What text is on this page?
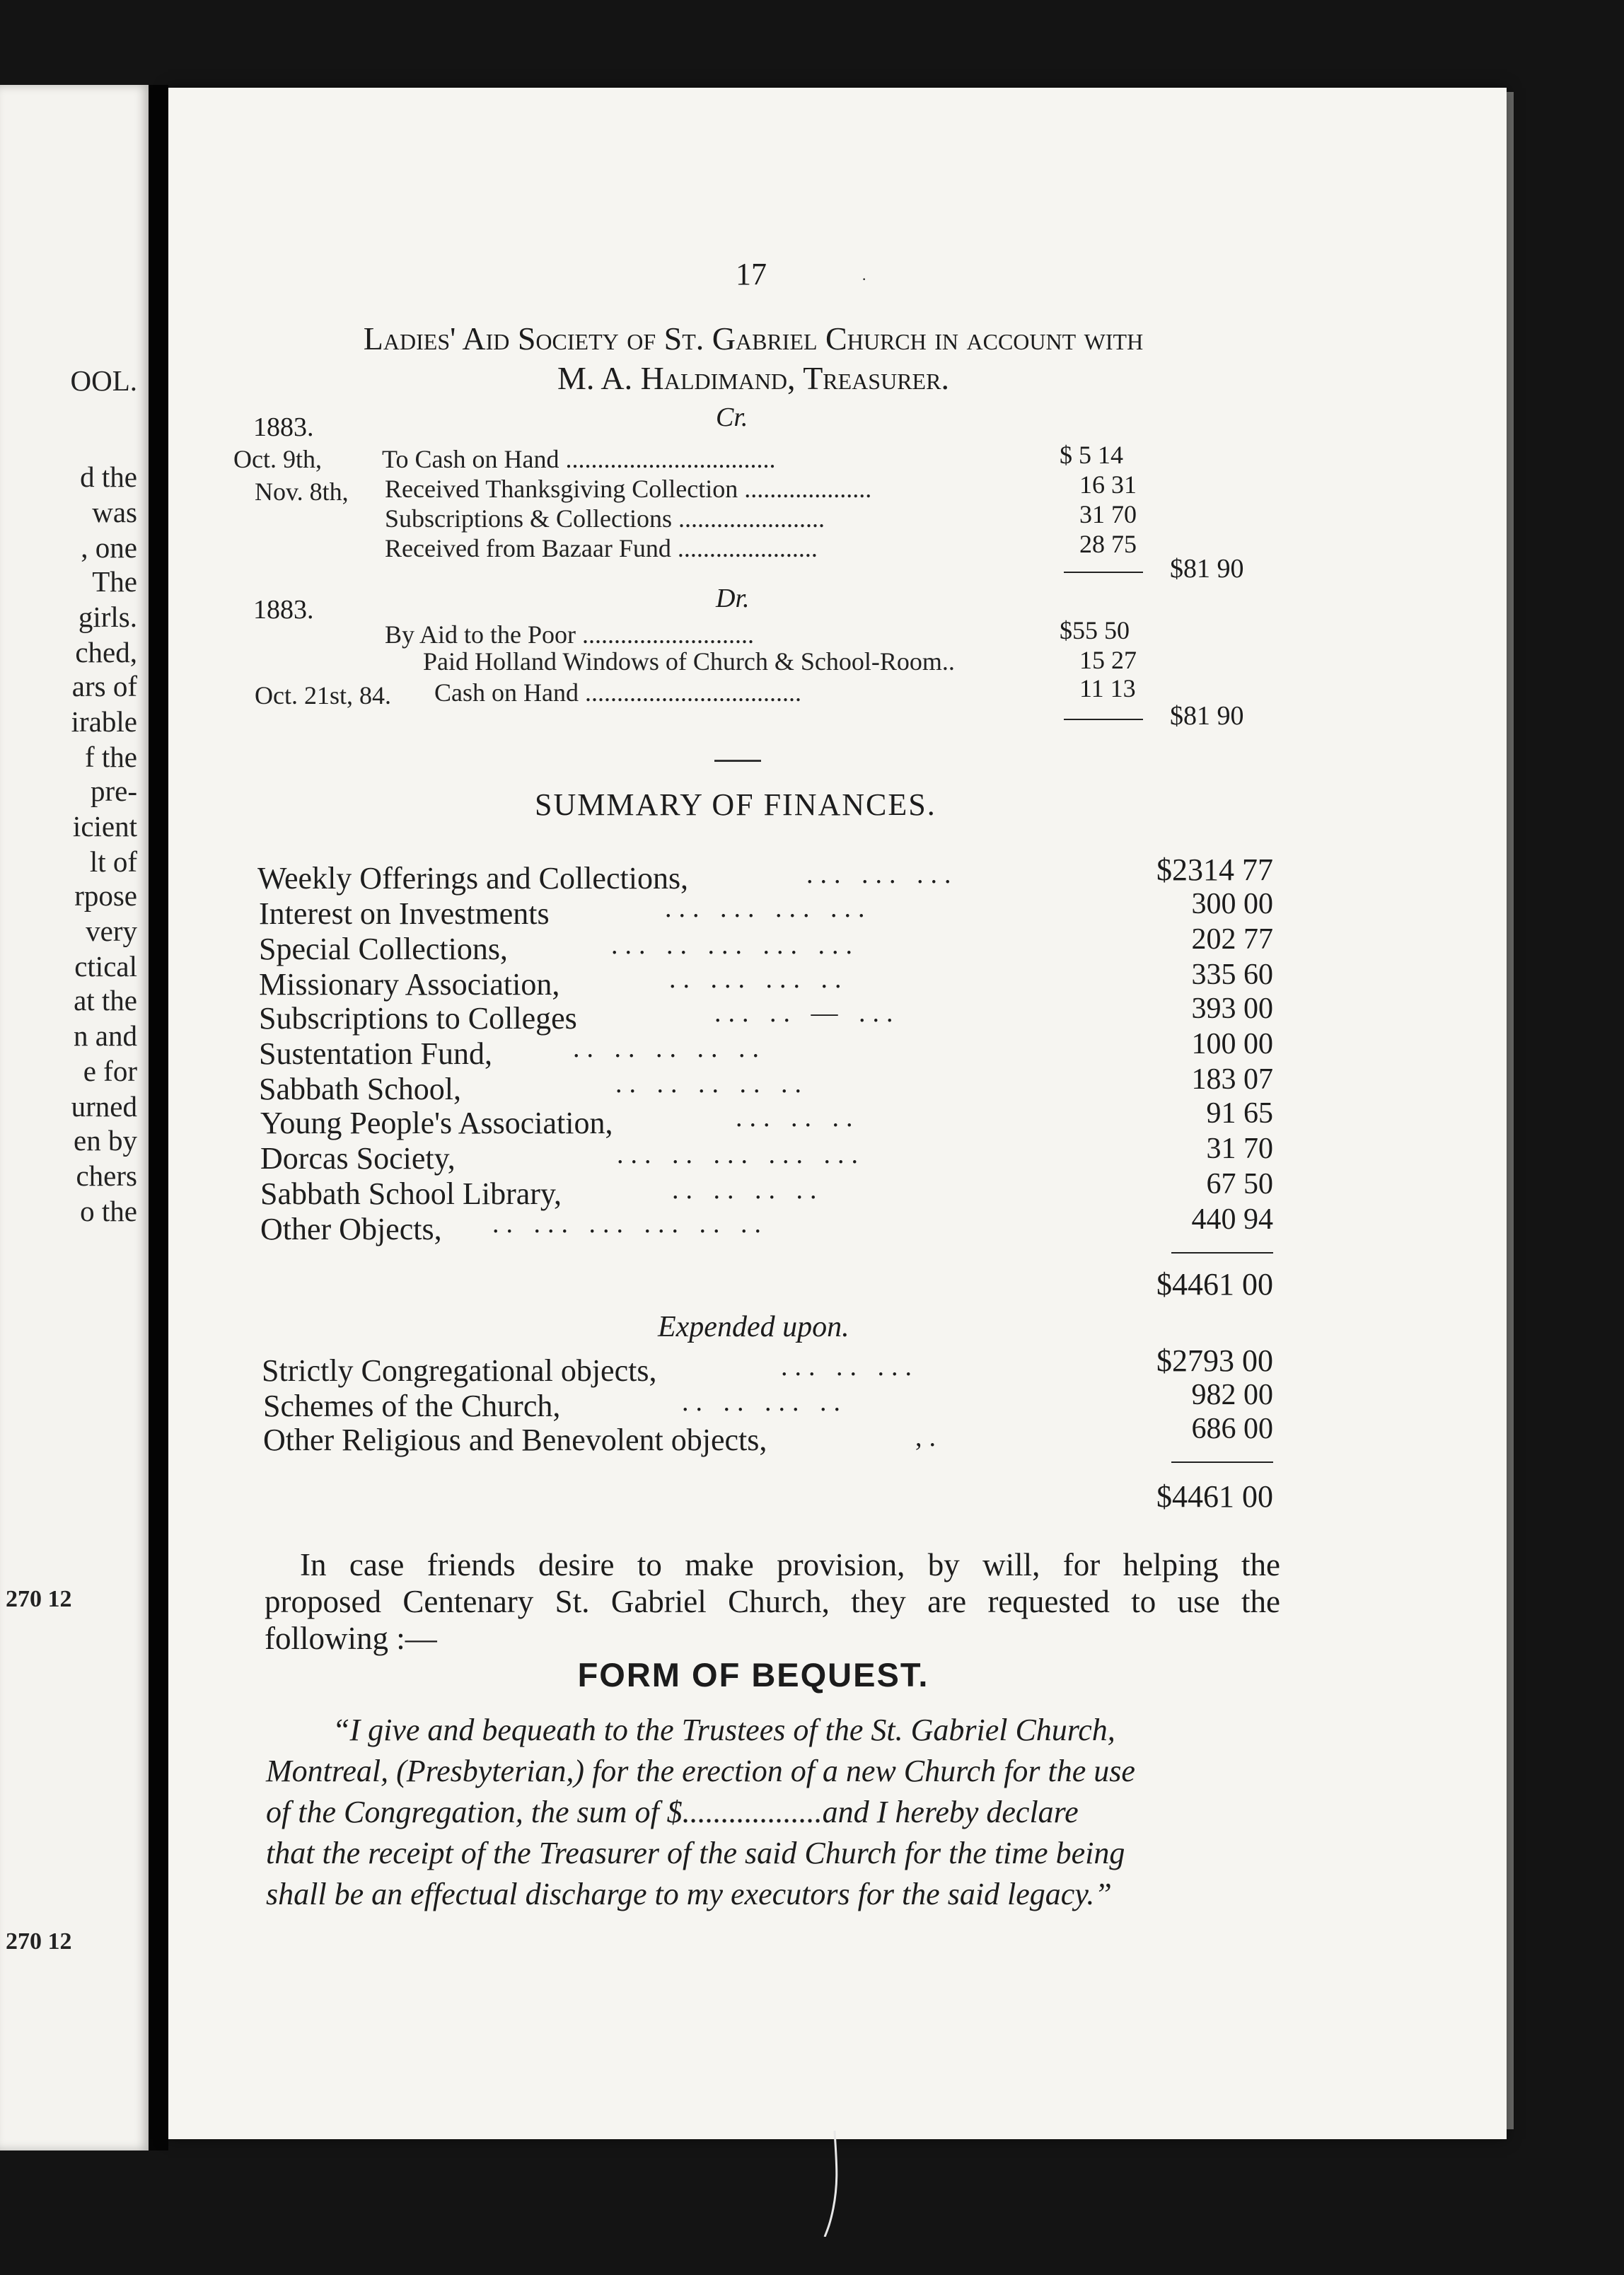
OOL.
d the
was
, one
The
girls.
ched,
ars of
irable
f the
pre-
icient
lt of
rpose
very
ctical
at the
n and
e for
urned
en by
chers
o the
270 12
270 12
17	·
Ladies' Aid Society of St. Gabriel Church in account with
M. A. Haldimand, Treasurer.
Cr.
1883.
Oct. 9th, To Cash on Hand .................................	$ 5 14
Nov. 8th, Received Thanksgiving Collection ....................	16 31
Subscriptions & Collections .......................	31 70
Received from Bazaar Fund ......................	28 75
$81 90
Dr.
1883.
By Aid to the Poor ...........................	$55 50
Paid Holland Windows of Church & School-Room..	15 27
Oct. 21st, 84. Cash on Hand ..................................	11 13
$81 90
SUMMARY OF FINANCES.
Weekly Offerings and Collections,	... ... ...	$2314 77
Interest on Investments	... ... ... ...	300 00
Special Collections,	... .. ... ... ...	202 77
Missionary Association,	.. ... ... ..	335 60
Subscriptions to Colleges	... .. — ...	393 00
Sustentation Fund,	.. .. .. .. ..	100 00
Sabbath School,	.. .. .. .. ..	183 07
Young People's Association,	... .. ..	91 65
Dorcas Society,	... .. ... ... ...	31 70
Sabbath School Library,	.. .. .. ..	67 50
Other Objects, .. ... ... ... .. ..	440 94
$4461 00
Expended upon.
Strictly Congregational objects,	... .. ...	$2793 00
Schemes of the Church,	.. .. ... ..	982 00
Other Religious and Benevolent objects,	,.	686 00
$4461 00
In case friends desire to make provision, by will, for helping the
proposed Centenary St. Gabriel Church, they are requested to use the
following :—
FORM OF BEQUEST.
“I give and bequeath to the Trustees of the St. Gabriel Church,
Montreal, (Presbyterian,) for the erection of a new Church for the use
of the Congregation, the sum of $..................and I hereby declare
that the receipt of the Treasurer of the said Church for the time being
shall be an effectual discharge to my executors for the said legacy.”
